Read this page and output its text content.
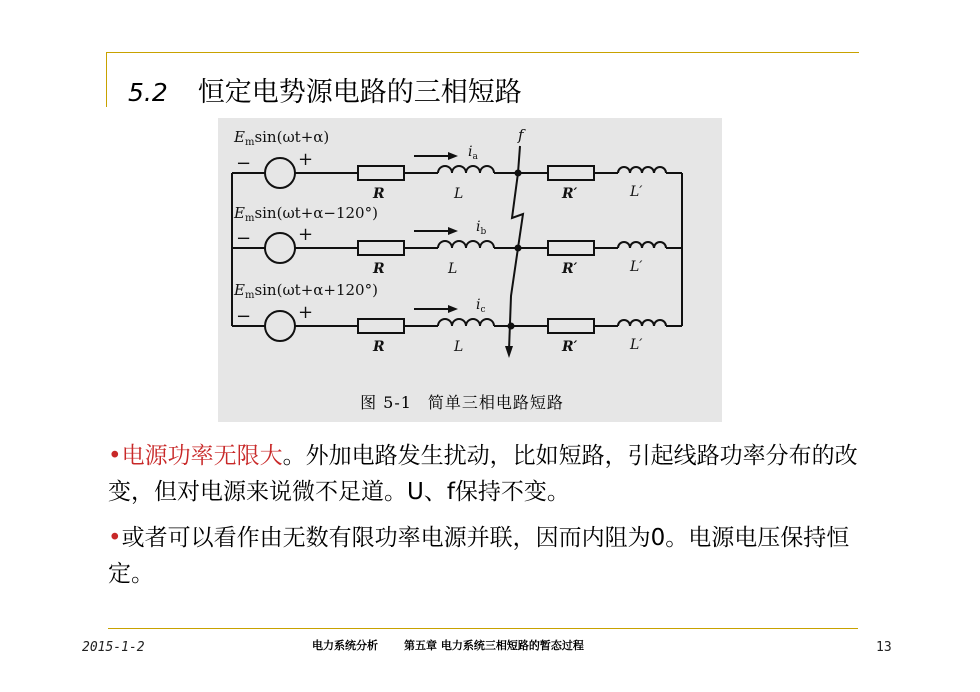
5.2 恒定电势源电路的三相短路
$E_m\sin(\omega t+\alpha)$
$E_m\sin(\omega t+\alpha-120^\circ)$
$E_m\sin(\omega t+\alpha+120^\circ)$
−	+
−	+
−	+
$i_a$
$i_b$
$i_c$
f
R	L	R′	L′
R	L	R′	L′
R	L	R′	L′
图 5-1 简单三相电路短路

•电源功率无限大。外加电路发生扰动，比如短路，引起线路功率分布的改变，但对电源来说微不足道。U、f保持不变。

•或者可以看作由无数有限功率电源并联，因而内阻为0。电源电压保持恒定。

2015-1-2	电力系统分析 第五章 电力系统三相短路的暂态过程	13
